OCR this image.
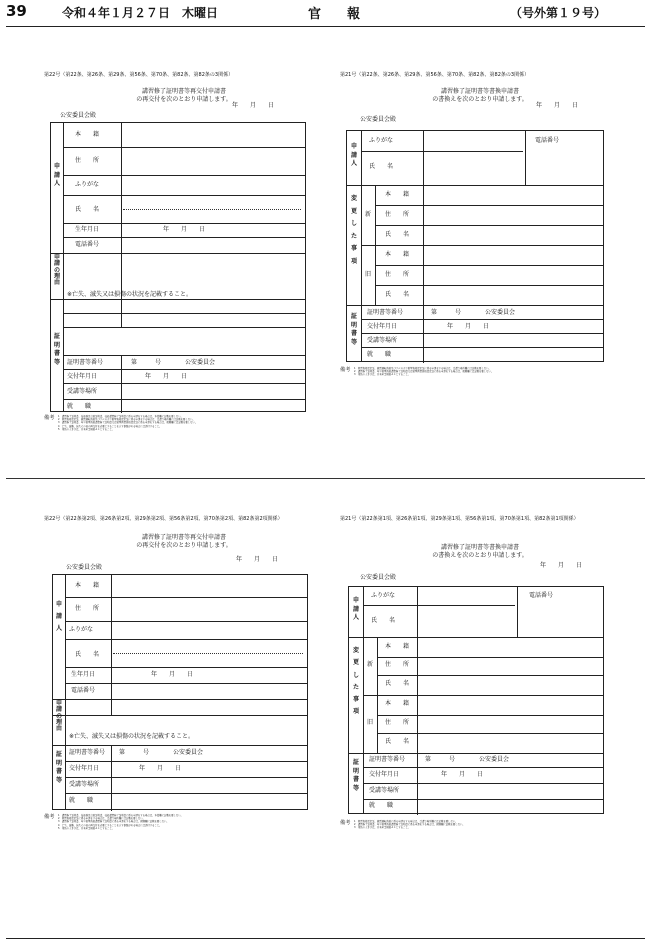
39	令和４年１月２７日　木曜日	官　　報	（号外第１９号）
第22号（第22条、第26条、第29条、第56条、第70条、第82条、第82条の3関係）
講習修了証明書等再交付申請書
の再交付を次のとおり申請します。
年　　月　　日
公安委員会殿
申請人
本　　籍
住　　所
ふりがな
氏　　名
生年月日	年　　月　　日
電話番号
申請の理由
※亡失、滅失又は損傷の状況を記載すること。
証明書等 証明書等番号	第　　　号　　　　公安委員会
交付年月日	年　　月　　日
受講等場所
就　　職
備考 1　講習修了証明書、技能検定合格証明書、技能講習修了証明書に係る申請をする場合は、本籍欄に記載を要しない。

2　教習資格認定証、練習運転資格及びクロスボウ射撃資格認定証に係る申請をする場合は、受講等場所欄には記載を要しない。

3　講習修了証明書、年少射撃資格講習修了証明書又は射撃教習資格認定証に係る申請をする場合は、就職欄には記載を要しない。

4　亡失、盗難、滅失その他の再交付を必要とすることを示す事蹟がある場合には添付すること。

5　用紙の大きさは、日本産業規格Ａ４とすること。

第21号（第22条、第26条、第29条、第56条、第70条、第82条、第82条の3関係）
講習修了証明書等書換申請書
の書換えを次のとおり申請します。
年　　月　　日
公安委員会殿
申請人
ふりがな
氏　　名
電話番号
変更した事項
新
旧
本　　籍
住　　所
氏　　名
本　　籍
住　　所
氏　　名
証明書等
証明書等番号	第　　　号　　　　公安委員会
交付年月日	年　　月　　日
受講等場所
就　　職
備考 1　教習資格認定証、練習運転資格及びクロスボウ射撃資格認定証に係る申請をする場合は、受講等場所欄には記載を要しない。

2　講習修了証明書、年少射撃資格講習修了証明書又は射撃教習資格認定証に係る申請をする場合は、就職欄には記載を要しない。

3　用紙の大きさは、日本産業規格Ａ４とすること。

第22号（第22条第2項、第26条第2項、第29条第2項、第56条第2項、第70条第2項、第82条第2項関係）
講習修了証明書等再交付申請書
の再交付を次のとおり申請します。
年　　月　　日
公安委員会殿
申請人
本　　籍
住　　所
ふりがな
氏　　名
生年月日	年　　月　　日
電話番号
申請の理由
※亡失、滅失又は損傷の状況を記載すること。
証明書等
証明書等番号 第　　　号　　　　公安委員会
交付年月日	年　　月　　日
受講等場所
就　　職
備考 1　講習修了証明書、技能検定合格証明書、技能講習修了証明書に係る申請をする場合は、本籍欄に記載を要しない。

2　教習資格認定証に係る申請をする場合は、受講等場所欄には記載を要しない。

3　講習修了証明書、年少射撃資格講習修了証明書に係る申請をする場合は、就職欄に記載を要しない。

4　亡失、盗難、滅失その他の再交付を必要とすることを示す事蹟がある場合には添付すること。

5　用紙の大きさは、日本産業規格Ａ４とすること。

第21号（第22条第1項、第26条第1項、第29条第1項、第56条第1項、第70条第1項、第82条第1項関係）
講習修了証明書等書換申請書
の書換えを次のとおり申請します。
年　　月　　日
公安委員会殿
申請人
ふりがな
氏　　名
電話番号
変更した事項
新
旧
本　　籍
住　　所
氏　　名
本　　籍
住　　所
氏　　名
証明書等
証明書等番号	第　　　号　　　　公安委員会
交付年月日	年　　月　　日
受講等場所
就　　職
備考 1　教習資格認定証、練習運転資格に係る申請をする場合は、受講等場所欄には記載を要しない。

2　講習修了証明書、年少射撃資格講習修了証明書に係る申請をする場合は、就職欄に記載を要しない。

3　用紙の大きさは、日本産業規格Ａ４とすること。
